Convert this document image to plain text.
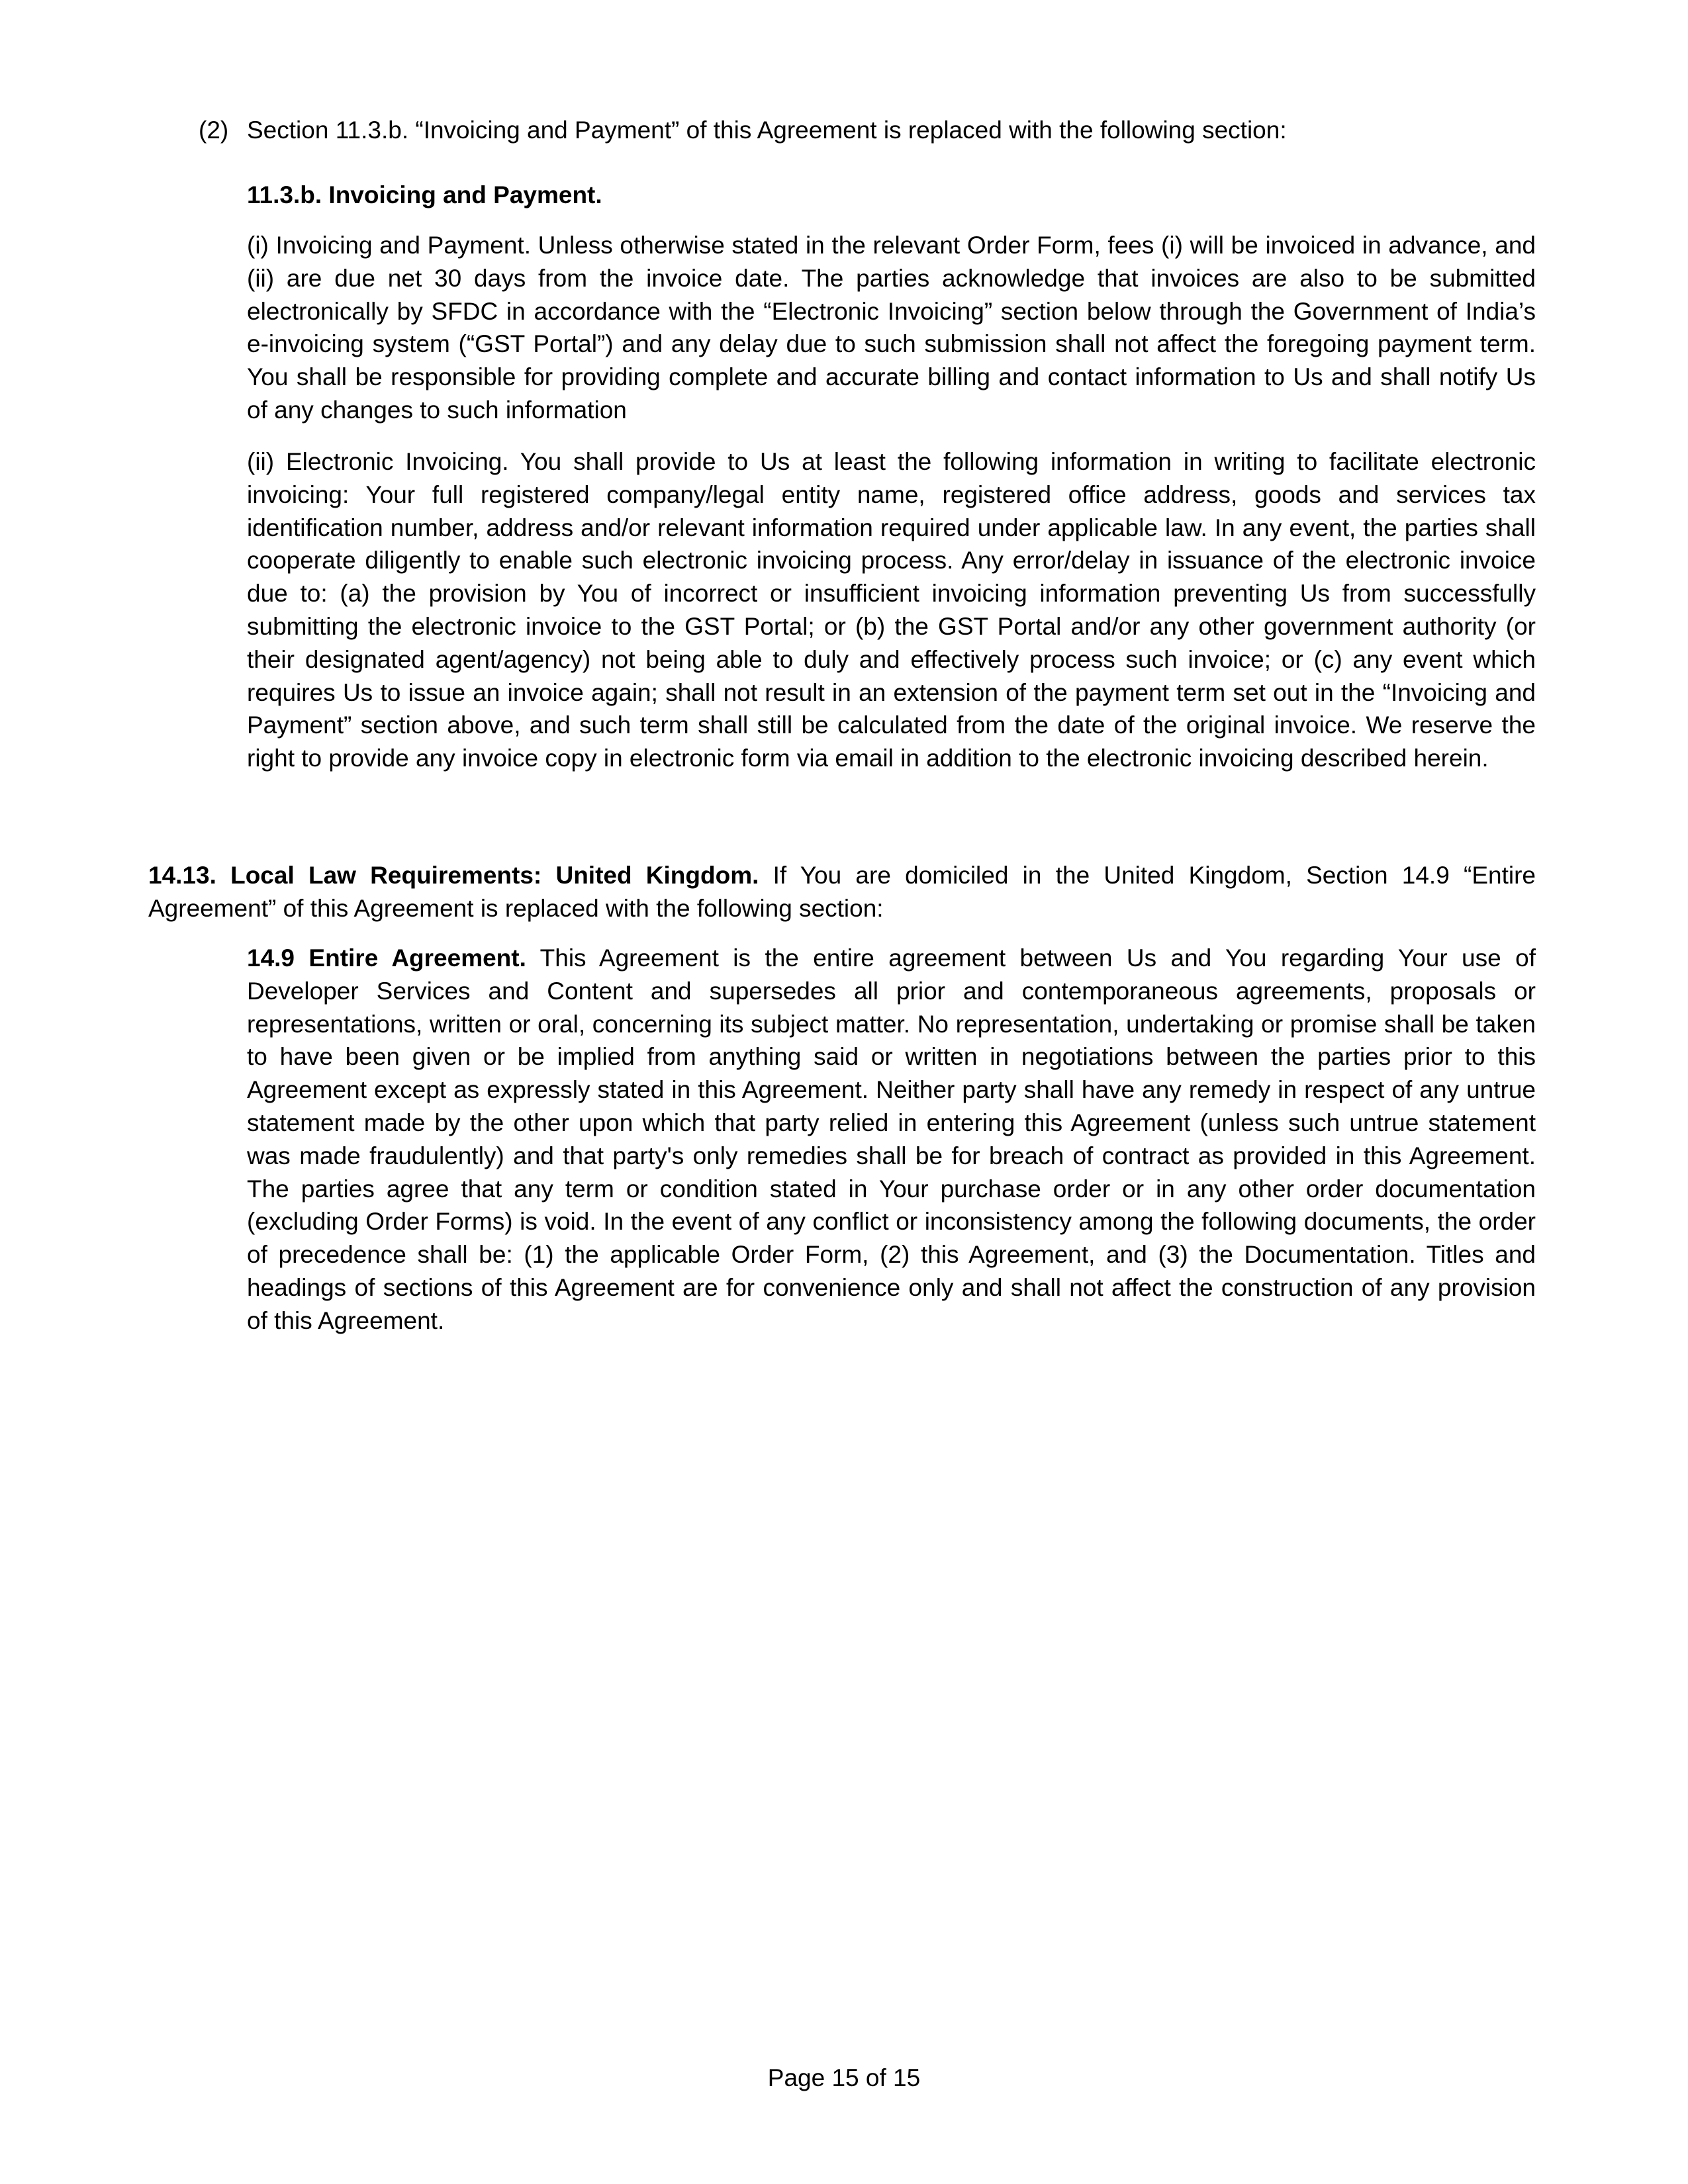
(2) Section 11.3.b. “Invoicing and Payment” of this Agreement is replaced with the following section:

11.3.b. Invoicing and Payment.

(i) Invoicing and Payment. Unless otherwise stated in the relevant Order Form, fees (i) will be invoiced in advance, and (ii) are due net 30 days from the invoice date. The parties acknowledge that invoices are also to be submitted electronically by SFDC in accordance with the “Electronic Invoicing” section below through the Government of India’s e-invoicing system (“GST Portal”) and any delay due to such submission shall not affect the foregoing payment term. You shall be responsible for providing complete and accurate billing and contact information to Us and shall notify Us of any changes to such information

(ii) Electronic Invoicing. You shall provide to Us at least the following information in writing to facilitate electronic invoicing: Your full registered company/legal entity name, registered office address, goods and services tax identification number, address and/or relevant information required under applicable law. In any event, the parties shall cooperate diligently to enable such electronic invoicing process. Any error/delay in issuance of the electronic invoice due to: (a) the provision by You of incorrect or insufficient invoicing information preventing Us from successfully submitting the electronic invoice to the GST Portal; or (b) the GST Portal and/or any other government authority (or their designated agent/agency) not being able to duly and effectively process such invoice; or (c) any event which requires Us to issue an invoice again; shall not result in an extension of the payment term set out in the “Invoicing and Payment” section above, and such term shall still be calculated from the date of the original invoice. We reserve the right to provide any invoice copy in electronic form via email in addition to the electronic invoicing described herein.

14.13. Local Law Requirements: United Kingdom. If You are domiciled in the United Kingdom, Section 14.9 “Entire Agreement” of this Agreement is replaced with the following section:

14.9 Entire Agreement. This Agreement is the entire agreement between Us and You regarding Your use of Developer Services and Content and supersedes all prior and contemporaneous agreements, proposals or representations, written or oral, concerning its subject matter. No representation, undertaking or promise shall be taken to have been given or be implied from anything said or written in negotiations between the parties prior to this Agreement except as expressly stated in this Agreement. Neither party shall have any remedy in respect of any untrue statement made by the other upon which that party relied in entering this Agreement (unless such untrue statement was made fraudulently) and that party's only remedies shall be for breach of contract as provided in this Agreement. The parties agree that any term or condition stated in Your purchase order or in any other order documentation (excluding Order Forms) is void. In the event of any conflict or inconsistency among the following documents, the order of precedence shall be: (1) the applicable Order Form, (2) this Agreement, and (3) the Documentation. Titles and headings of sections of this Agreement are for convenience only and shall not affect the construction of any provision of this Agreement.

Page 15 of 15
